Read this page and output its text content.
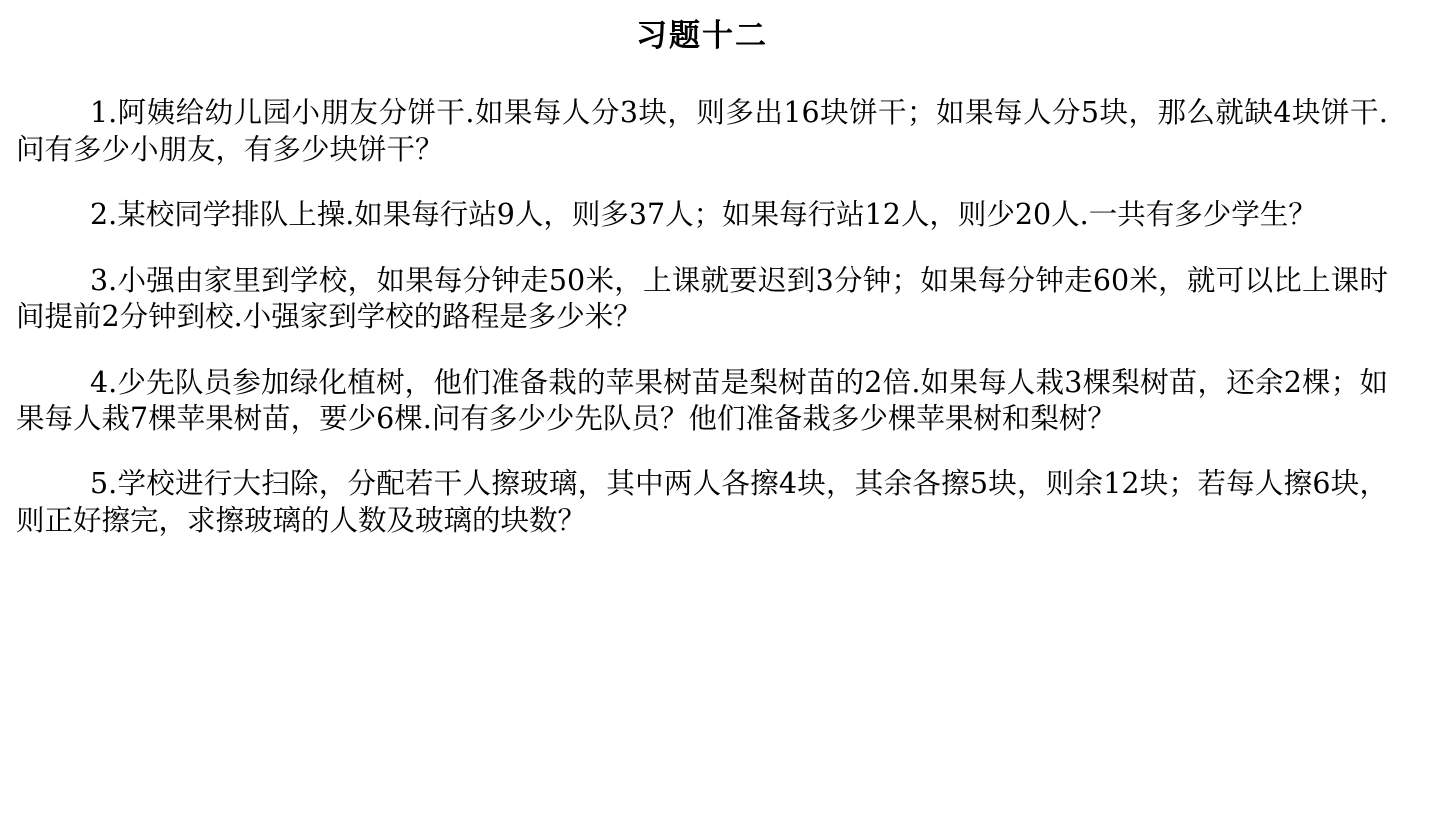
习题十二

1.阿姨给幼儿园小朋友分饼干.如果每人分3块，则多出16块饼干；如果每人分5块，那么就缺4块饼干.问有多少小朋友，有多少块饼干？

2.某校同学排队上操.如果每行站9人，则多37人；如果每行站12人，则少20人.一共有多少学生？

3.小强由家里到学校，如果每分钟走50米，上课就要迟到3分钟；如果每分钟走60米，就可以比上课时间提前2分钟到校.小强家到学校的路程是多少米？

4.少先队员参加绿化植树，他们准备栽的苹果树苗是梨树苗的2倍.如果每人栽3棵梨树苗，还余2棵；如果每人栽7棵苹果树苗，要少6棵.问有多少少先队员？他们准备栽多少棵苹果树和梨树？

5.学校进行大扫除，分配若干人擦玻璃，其中两人各擦4块，其余各擦5块，则余12块；若每人擦6块，则正好擦完，求擦玻璃的人数及玻璃的块数？
